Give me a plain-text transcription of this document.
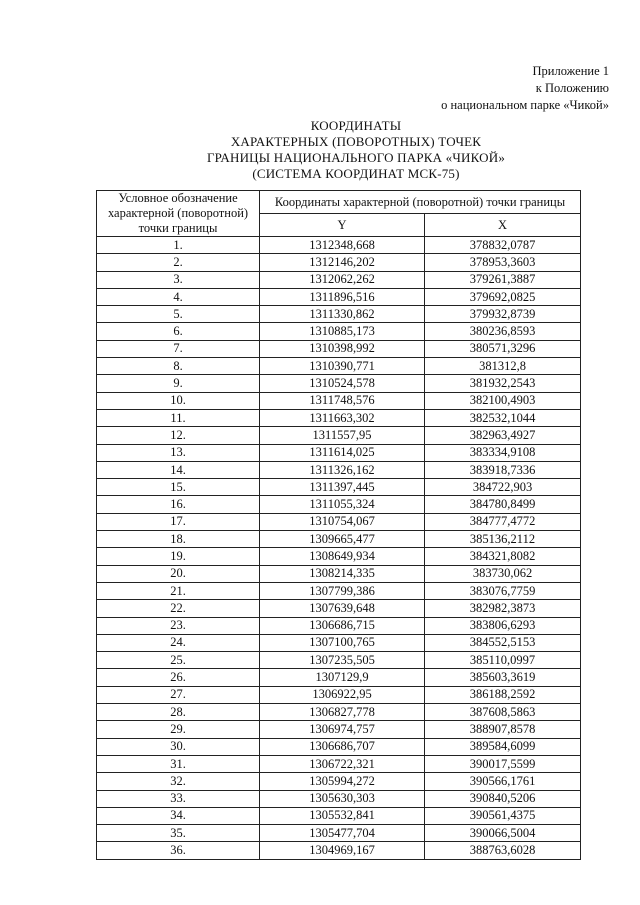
Приложение 1
к Положению
о национальном парке «Чикой»
КООРДИНАТЫ
ХАРАКТЕРНЫХ (ПОВОРОТНЫХ) ТОЧЕК
ГРАНИЦЫ НАЦИОНАЛЬНОГО ПАРКА «ЧИКОЙ»
(СИСТЕМА КООРДИНАТ МСК-75)
Условное обозначение характерной (поворотной) точки границы	Координаты характерной (поворотной) точки границы	
	Y	X
1.	1312348,668	378832,0787
2.	1312146,202	378953,3603
3.	1312062,262	379261,3887
4.	1311896,516	379692,0825
5.	1311330,862	379932,8739
6.	1310885,173	380236,8593
7.	1310398,992	380571,3296
8.	1310390,771	381312,8
9.	1310524,578	381932,2543
10.	1311748,576	382100,4903
11.	1311663,302	382532,1044
12.	1311557,95	382963,4927
13.	1311614,025	383334,9108
14.	1311326,162	383918,7336
15.	1311397,445	384722,903
16.	1311055,324	384780,8499
17.	1310754,067	384777,4772
18.	1309665,477	385136,2112
19.	1308649,934	384321,8082
20.	1308214,335	383730,062
21.	1307799,386	383076,7759
22.	1307639,648	382982,3873
23.	1306686,715	383806,6293
24.	1307100,765	384552,5153
25.	1307235,505	385110,0997
26.	1307129,9	385603,3619
27.	1306922,95	386188,2592
28.	1306827,778	387608,5863
29.	1306974,757	388907,8578
30.	1306686,707	389584,6099
31.	1306722,321	390017,5599
32.	1305994,272	390566,1761
33.	1305630,303	390840,5206
34.	1305532,841	390561,4375
35.	1305477,704	390066,5004
36.	1304969,167	388763,6028
